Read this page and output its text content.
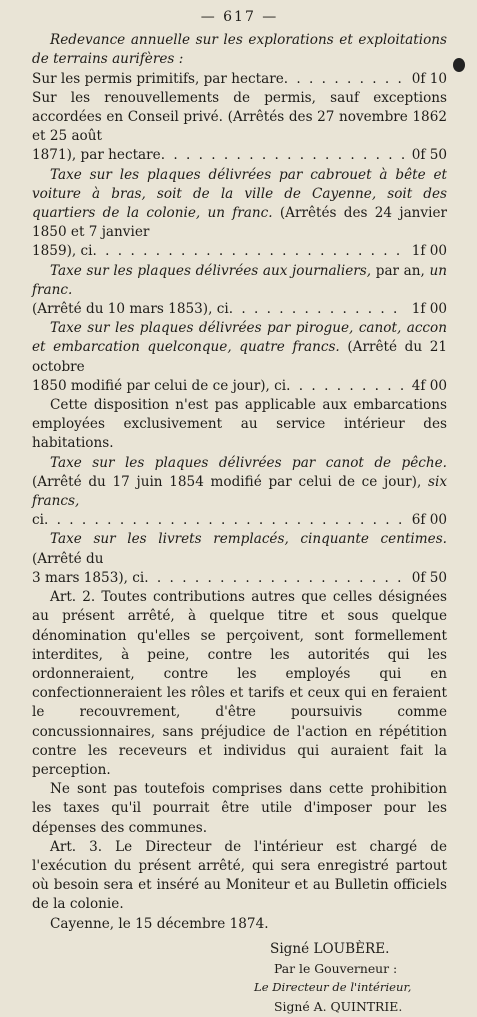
— 617 —
Redevance annuelle sur les explorations et exploitations de terrains aurifères :
Sur les permis primitifs, par hectare . . .	0f 10
Sur les renouvellements de permis, sauf exceptions accordées en Conseil privé. (Arrêtés des 27 novembre 1862 et 25 août
1871), par hectare . . .	0f 50
Taxe sur les plaques délivrées par cabrouet à bête et voiture à bras, soit de la ville de Cayenne, soit des quartiers de la colonie, un franc. (Arrêtés des 24 janvier 1850 et 7 janvier
1859), ci . . .	1f 00
Taxe sur les plaques délivrées aux journaliers, par an, un franc.
(Arrêté du 10 mars 1853), ci . . .	1f 00
Taxe sur les plaques délivrées par pirogue, canot, accon et embarcation quelconque, quatre francs. (Arrêté du 21 octobre
1850 modifié par celui de ce jour), ci . . .	4f 00
Cette disposition n'est pas applicable aux embarcations employées exclusivement au service intérieur des habitations.
Taxe sur les plaques délivrées par canot de pêche. (Arrêté du 17 juin 1854 modifié par celui de ce jour), six francs,
ci . . .	6f 00
Taxe sur les livrets remplacés, cinquante centimes. (Arrêté du
3 mars 1853), ci . . .	0f 50
Art. 2. Toutes contributions autres que celles désignées au présent arrêté, à quelque titre et sous quelque dénomination qu'elles se perçoivent, sont formellement interdites, à peine, contre les autorités qui les ordonneraient, contre les employés qui en confectionneraient les rôles et tarifs et ceux qui en feraient le recouvrement, d'être poursuivis comme concussionnaires, sans préjudice de l'action en répétition contre les receveurs et individus qui auraient fait la perception.
Ne sont pas toutefois comprises dans cette prohibition les taxes qu'il pourrait être utile d'imposer pour les dépenses des communes.
Art. 3. Le Directeur de l'intérieur est chargé de l'exécution du présent arrêté, qui sera enregistré partout où besoin sera et inséré au Moniteur et au Bulletin officiels de la colonie.
Cayenne, le 15 décembre 1874.
Signé LOUBÈRE.
Par le Gouverneur :
Le Directeur de l'intérieur,
Signé A. QUINTRIE.
